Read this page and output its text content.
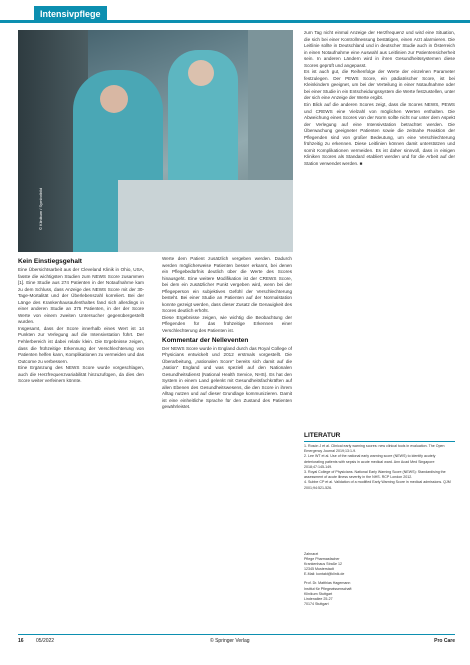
Intensivpflege
© Klinikum / Symbolbild
Kein Einstiegsgehalt

Eine Übersichtsarbeit aus der Cleveland Klinik in Ohio, USA, fasste die wichtigsten Studien zum NEWS Score zusammen [1]. Eine Studie aus 274 Patienten in der Notaufnahme kam zu dem Schluss, dass Anzeige des NEWS Score mit der 30-Tage-Mortalität und der Überlebenszahl korreliert. Bei der Länge des Krankenhausaufenthaltes fand sich allerdings in einer anderen Studie an 375 Patienten, in der der Score Werte von einem zweiten Untersucher gegenübergestellt wurden.

Insgesamt, dass der Score innerhalb eines Wert ist 14 Punkten zur Verlegung auf die Intensivstation führt. Der Fehlerbereich ist dabei relativ klein. Die Ergebnisse zeigen, dass die frühzeitige Erkennung der Verschlechterung von Patienten helfen kann, Komplikationen zu vermeiden und das Outcome zu verbessern.

Eine Ergänzung des NEWS Score wurde vorgeschlagen, auch die Herzfrequenzvariabilität hinzuzufügen, da dies den Score weiter verfeinern könnte.

Werte dem Patient zusätzlich vergeben werden. Dadurch werden möglicherweise Patienten besser erkannt, bei denen ein Pflegebedürfnis deutlich über die Werte des Scores hinausgeht. Eine weitere Modifikation ist der CREWS Score, bei dem ein zusätzlicher Punkt vergeben wird, wenn bei der Pflegeperson ein subjektives Gefühl der Verschlechterung besteht. Bei einer Studie an Patienten auf der Normalstation konnte gezeigt werden, dass dieser Zusatz die Genauigkeit des Scores deutlich erhöht.

Diese Ergebnisse zeigen, wie wichtig die Beobachtung der Pflegenden für das frühzeitige Erkennen einer Verschlechterung des Patienten ist.

Kommentar der Nelleventen

Der NEWS Score wurde in England durch das Royal College of Physicians entwickelt und 2012 erstmals vorgestellt. Die Überarbeitung, „nationalen Score“ bereits sich damit auf die „Nation“ England und was speziell auf den Nationalen Gesundheitsdienst (National Health Service, NHS). Es hat den System in einem Land gelenkt mit Gesundheitsfachkräften auf allen Ebenen des Gesundheitswesens, die den Score in ihrem Alltag nutzen und auf dieser Grundlage kommunizieren. Damit ist eine einheitliche Sprache für den Zustand des Patienten gewährleistet.

zum Tag nicht einmal Anzeige der Herzfrequenz und wird eine Situation, die sich bei einer Kontrollmessung bestätigen, einen Arzt alarmieren. Die Leitlinie sollte in Deutschland und in deutscher Studie auch in Österreich in einen Notaufnahme eine Auswahl aus Leitlinien zur Patientensicherheit sein. In anderen Ländern wird in ihren Gesundheitssystemen diese Scores geprüft und angepasst.

Es ist auch gut, die Reihenfolge der Werte der einzelnen Parameter festzulegen. Der PEWS Score, ein pädiatrischer Score, ist bei Kleinkindern geeignet, um bei der Verteilung in einer Notaufnahme oder bei einer Studie in ein Entscheidungssystem die Werte festzustellen, unter der sich eine Anzeige der Werte ergibt.

Ein Blick auf die anderen Scores zeigt, dass die Scores NEWS, PEWS und CREWS eine Vielzahl von möglichen Werten enthalten. Die Abweichung eines Scores von der Norm sollte nicht nur unter dem Aspekt der Verlegung auf eine Intensivstation betrachtet werden. Die Überwachung geeigneter Patienten sowie die zeitnahe Reaktion der Pflegenden sind von großer Bedeutung, um eine Verschlechterung frühzeitig zu erkennen. Diese Leitlinien können damit unterstützen und somit Komplikationen vermeiden. Es ist daher sinnvoll, dass in einigen Kliniken Scores als Standard etabliert werden und für die Arbeit auf der Station verwendet werden. ■

LITERATUR
1. Rosón J et al. Clinical early warning scores: new clinical tools in evaluation. The Open Emergency Journal 2019;13:1-9.
2. Lee WT et al. Use of the national early warning score (NEWS) to identify acutely deteriorating patients with sepsis in acute medical ward. Ann Acad Med Singapore 2018;47:145-149.
3. Royal College of Physicians. National Early Warning Score (NEWS): Standardising the assessment of acute illness severity in the NHS. RCP London 2012.
4. Subbe CP et al. Validation of a modified Early Warning Score in medical admissions. QJM 2001;94:521-526.

Zahnarzt
Pflege Pharmasfacher
Krankenhaus Straße 12
12345 Musterstadt
E-Mail: kontakt@klinik.de

Prof. Dr. Matthias Hagemann
Institut für Pflegewissenschaft
Klinikum Stuttgart
Lindenallee 25-27
70174 Stuttgart

16 05/2022	© Springer Verlag	Pro Care
